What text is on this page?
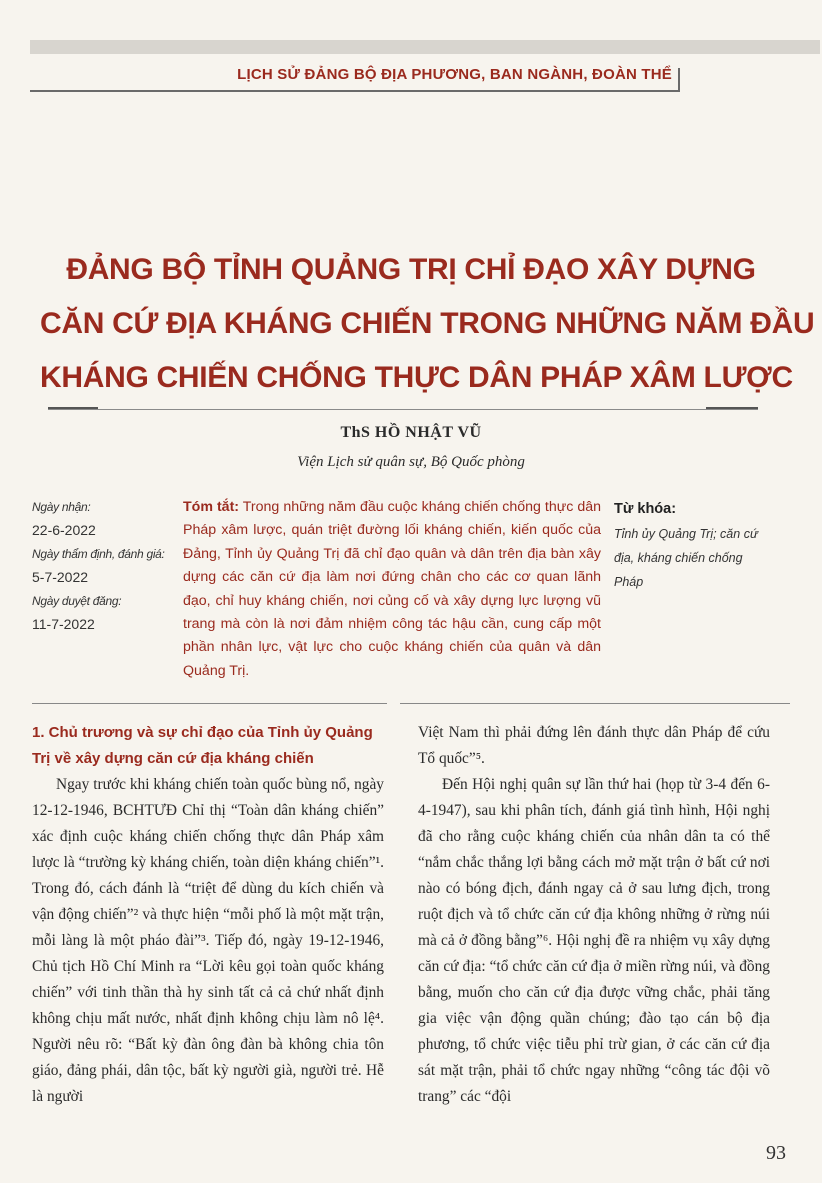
LỊCH SỬ ĐẢNG BỘ ĐỊA PHƯƠNG, BAN NGÀNH, ĐOÀN THỂ
ĐẢNG BỘ TỈNH QUẢNG TRỊ CHỈ ĐẠO XÂY DỰNG
CĂN CỨ ĐỊA KHÁNG CHIẾN TRONG NHỮNG NĂM ĐẦU
KHÁNG CHIẾN CHỐNG THỰC DÂN PHÁP XÂM LƯỢC
ThS HỒ NHẬT VŨ
Viện Lịch sử quân sự, Bộ Quốc phòng
Ngày nhận:
22-6-2022
Ngày thẩm định, đánh giá:
5-7-2022
Ngày duyệt đăng:
11-7-2022
Tóm tắt: Trong những năm đầu cuộc kháng chiến chống thực dân Pháp xâm lược, quán triệt đường lối kháng chiến, kiến quốc của Đảng, Tỉnh ủy Quảng Trị đã chỉ đạo quân và dân trên địa bàn xây dựng các căn cứ địa làm nơi đứng chân cho các cơ quan lãnh đạo, chỉ huy kháng chiến, nơi củng cố và xây dựng lực lượng vũ trang mà còn là nơi đảm nhiệm công tác hậu cần, cung cấp một phần nhân lực, vật lực cho cuộc kháng chiến của quân và dân Quảng Trị.
Từ khóa:
Tỉnh ủy Quảng Trị; căn cứ địa, kháng chiến chống Pháp
1. Chủ trương và sự chỉ đạo của Tỉnh ủy Quảng Trị về xây dựng căn cứ địa kháng chiến

Ngay trước khi kháng chiến toàn quốc bùng nổ, ngày 12-12-1946, BCHTƯĐ Chỉ thị “Toàn dân kháng chiến” xác định cuộc kháng chiến chống thực dân Pháp xâm lược là “trường kỳ kháng chiến, toàn diện kháng chiến”¹. Trong đó, cách đánh là “triệt để dùng du kích chiến và vận động chiến”² và thực hiện “mỗi phố là một mặt trận, mỗi làng là một pháo đài”³. Tiếp đó, ngày 19-12-1946, Chủ tịch Hồ Chí Minh ra “Lời kêu gọi toàn quốc kháng chiến” với tinh thần thà hy sinh tất cả cả chứ nhất định không chịu mất nước, nhất định không chịu làm nô lệ⁴. Người nêu rõ: “Bất kỳ đàn ông đàn bà không chia tôn giáo, đảng phái, dân tộc, bất kỳ người già, người trẻ. Hễ là người

Việt Nam thì phải đứng lên đánh thực dân Pháp để cứu Tổ quốc”⁵.

Đến Hội nghị quân sự lần thứ hai (họp từ 3-4 đến 6-4-1947), sau khi phân tích, đánh giá tình hình, Hội nghị đã cho rằng cuộc kháng chiến của nhân dân ta có thể “nắm chắc thắng lợi bằng cách mở mặt trận ở bất cứ nơi nào có bóng địch, đánh ngay cả ở sau lưng địch, trong ruột địch và tổ chức căn cứ địa không những ở rừng núi mà cả ở đồng bằng”⁶. Hội nghị đề ra nhiệm vụ xây dựng căn cứ địa: “tổ chức căn cứ địa ở miền rừng núi, và đồng bằng, muốn cho căn cứ địa được vững chắc, phải tăng gia việc vận động quần chúng; đào tạo cán bộ địa phương, tổ chức việc tiễu phỉ trừ gian, ở các căn cứ địa sát mặt trận, phải tổ chức ngay những “công tác đội võ trang” các “đội

93
